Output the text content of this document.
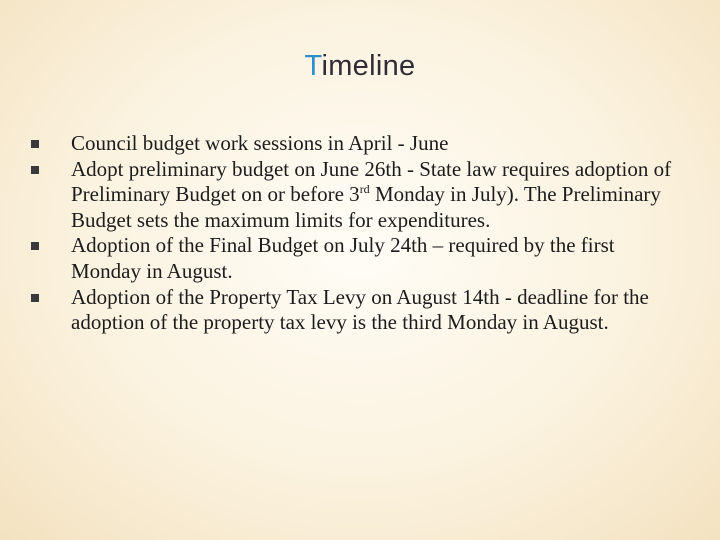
Timeline
Council budget work sessions in April - June
Adopt preliminary budget on June 26th - State law requires adoption of Preliminary Budget on or before 3rd Monday in July). The Preliminary Budget sets the maximum limits for expenditures.
Adoption of the Final Budget on July 24th – required by the first Monday in August.
Adoption of the Property Tax Levy on August 14th - deadline for the adoption of the property tax levy is the third Monday in August.
